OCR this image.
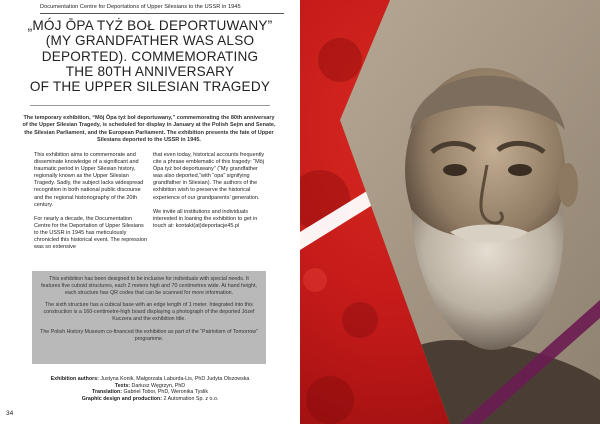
Documentation Centre for Deportations of Upper Silesians to the USSR in 1945
„MÓJ ŌPA TYŻ BOŁ DEPORTUWANY”
(MY GRANDFATHER WAS ALSO
DEPORTED). COMMEMORATING
THE 80TH ANNIVERSARY
OF THE UPPER SILESIAN TRAGEDY

The temporary exhibition, “Mōj Ōpa tyż boł deportuwany,” commemorating the 80th anniversary of the Upper Silesian Tragedy, is scheduled for display in January at the Polish Sejm and Senate, the Silesian Parliament, and the European Parliament. The exhibition presents the fate of Upper Silesians deported to the USSR in 1945.

This exhibition aims to commemorate and disseminate knowledge of a significant and traumatic period in Upper Silesian history, regionally known as the Upper Silesian Tragedy. Sadly, the subject lacks widespread recognition in both national public discourse and the regional historiography of the 20th century.

For nearly a decade, the Documentation Centre for the Deportation of Upper Silesians to the USSR in 1945 has meticulously chronicled this historical event. The repression was so extensive

that even today, historical accounts frequently cite a phrase emblematic of this tragedy: “Mōj Ōpa tyż boł deportuwany” (“My grandfather was also deported,”with “opa” signifying grandfather in Silesian). The authors of the exhibition wish to preserve the historical experience of our grandparents’ generation.

We invite all institutions and individuals interested in loaning the exhibition to get in touch at: kontakt(at)deportacje45.pl

This exhibition has been designed to be inclusive for individuals with special needs. It features five cuboid structures, each 2 meters high and 70 centimetres wide. At hand height, each structure has QR codes that can be scanned for more information.

The sixth structure has a cubical base with an edge length of 1 meter. Integrated into this construction is a 160-centimetre-high board displaying a photograph of the deported Józef Kuczera and the exhibition title.

The Polish History Museum co-financed the exhibition as part of the “Patriotism of Tomorrow” programme.

Exhibition authors: Justyna Konik, Małgorzata Laburda-Lis, PhD Judyta Olszowska
Texts: Dariusz Węgrzyn, PhD
Translation: Gabriel Tobor, PhD, Weronika Tyslik
Graphic design and production: 2 Automation Sp. z o.o.
34
